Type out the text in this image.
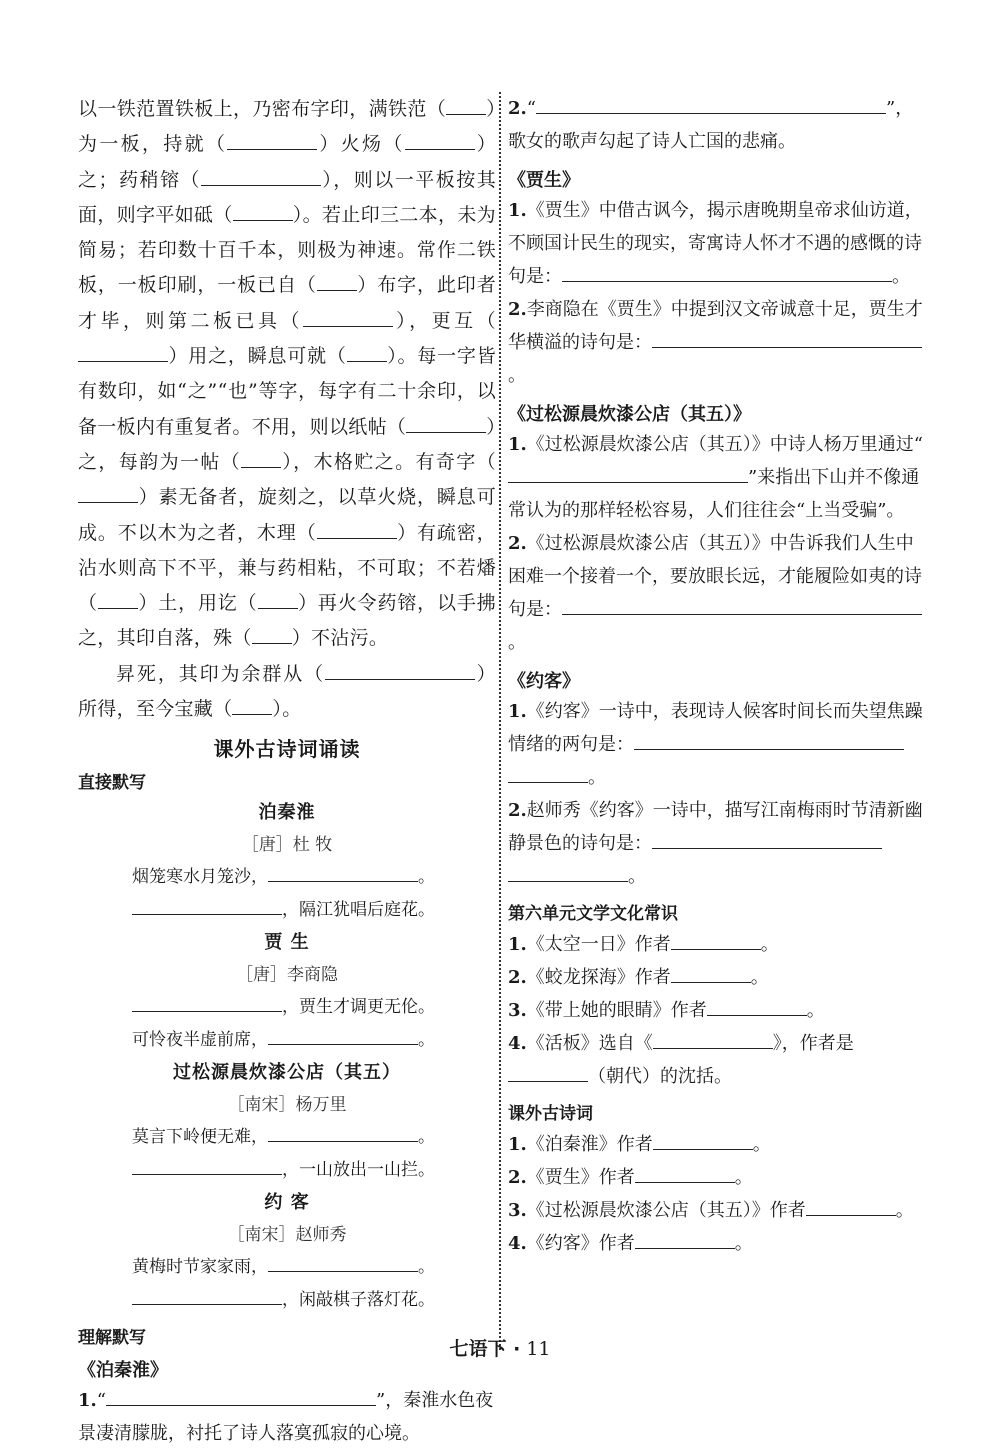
以一铁范置铁板上，乃密布字印，满铁范（ ）为一板，持就（	）火炀（	）之；药稍镕（	），则以一平板按其面，则字平如砥（	）。若止印三二本，未为简易；若印数十百千本，则极为神速。常作二铁板，一板印刷，一板已自（ ）布字，此印者才毕，则第二板已具（	），更互（）用之，瞬息可就（ ）。每一字皆有数印，如“之”“也”等字，每字有二十余印，以备一板内有重复者。不用，则以纸帖（	）之，每韵为一帖（ ），木格贮之。有奇字（）素无备者，旋刻之，以草火烧，瞬息可成。不以木为之者，木理（	）有疏密，沾水则高下不平，兼与药相粘，不可取；不若燔（ ）土，用讫（ ）再火令药镕，以手拂之，其印自落，殊（ ）不沾污。
昇死，其印为余群从（	）所得，至今宝藏（ ）。
课外古诗词诵读
直接默写
泊秦淮
［唐］杜 牧
烟笼寒水月笼沙，	。
，隔江犹唱后庭花。
贾 生
［唐］李商隐
，贾生才调更无伦。
可怜夜半虚前席，	。
过松源晨炊漆公店（其五）
［南宋］杨万里
莫言下岭便无难，	。
，一山放出一山拦。
约 客
［南宋］赵师秀
黄梅时节家家雨，	。
，闲敲棋子落灯花。
理解默写
《泊秦淮》
1.“	”，秦淮水色夜景凄清朦胧，衬托了诗人落寞孤寂的心境。
2.“	”，歌女的歌声勾起了诗人亡国的悲痛。
《贾生》
1.《贾生》中借古讽今，揭示唐晚期皇帝求仙访道，不顾国计民生的现实，寄寓诗人怀才不遇的感慨的诗句是：	。
2.李商隐在《贾生》中提到汉文帝诚意十足，贾生才华横溢的诗句是：。
《过松源晨炊漆公店（其五）》
1.《过松源晨炊漆公店（其五）》中诗人杨万里通过“”来指出下山并不像通常认为的那样轻松容易，人们往往会“上当受骗”。
2.《过松源晨炊漆公店（其五）》中告诉我们人生中困难一个接着一个，要放眼长远，才能履险如夷的诗句是：。
《约客》
1.《约客》一诗中，表现诗人候客时间长而失望焦躁情绪的两句是：。
2.赵师秀《约客》一诗中，描写江南梅雨时节清新幽静景色的诗句是：。
第六单元文学文化常识
1.《太空一日》作者	。
2.《蛟龙探海》作者	。
3.《带上她的眼睛》作者	。
4.《活板》选自《	》，作者是（朝代）的沈括。
课外古诗词
1.《泊秦淮》作者	。
2.《贾生》作者	。
3.《过松源晨炊漆公店（其五）》作者	。
4.《约客》作者	。
七语下 · 11
